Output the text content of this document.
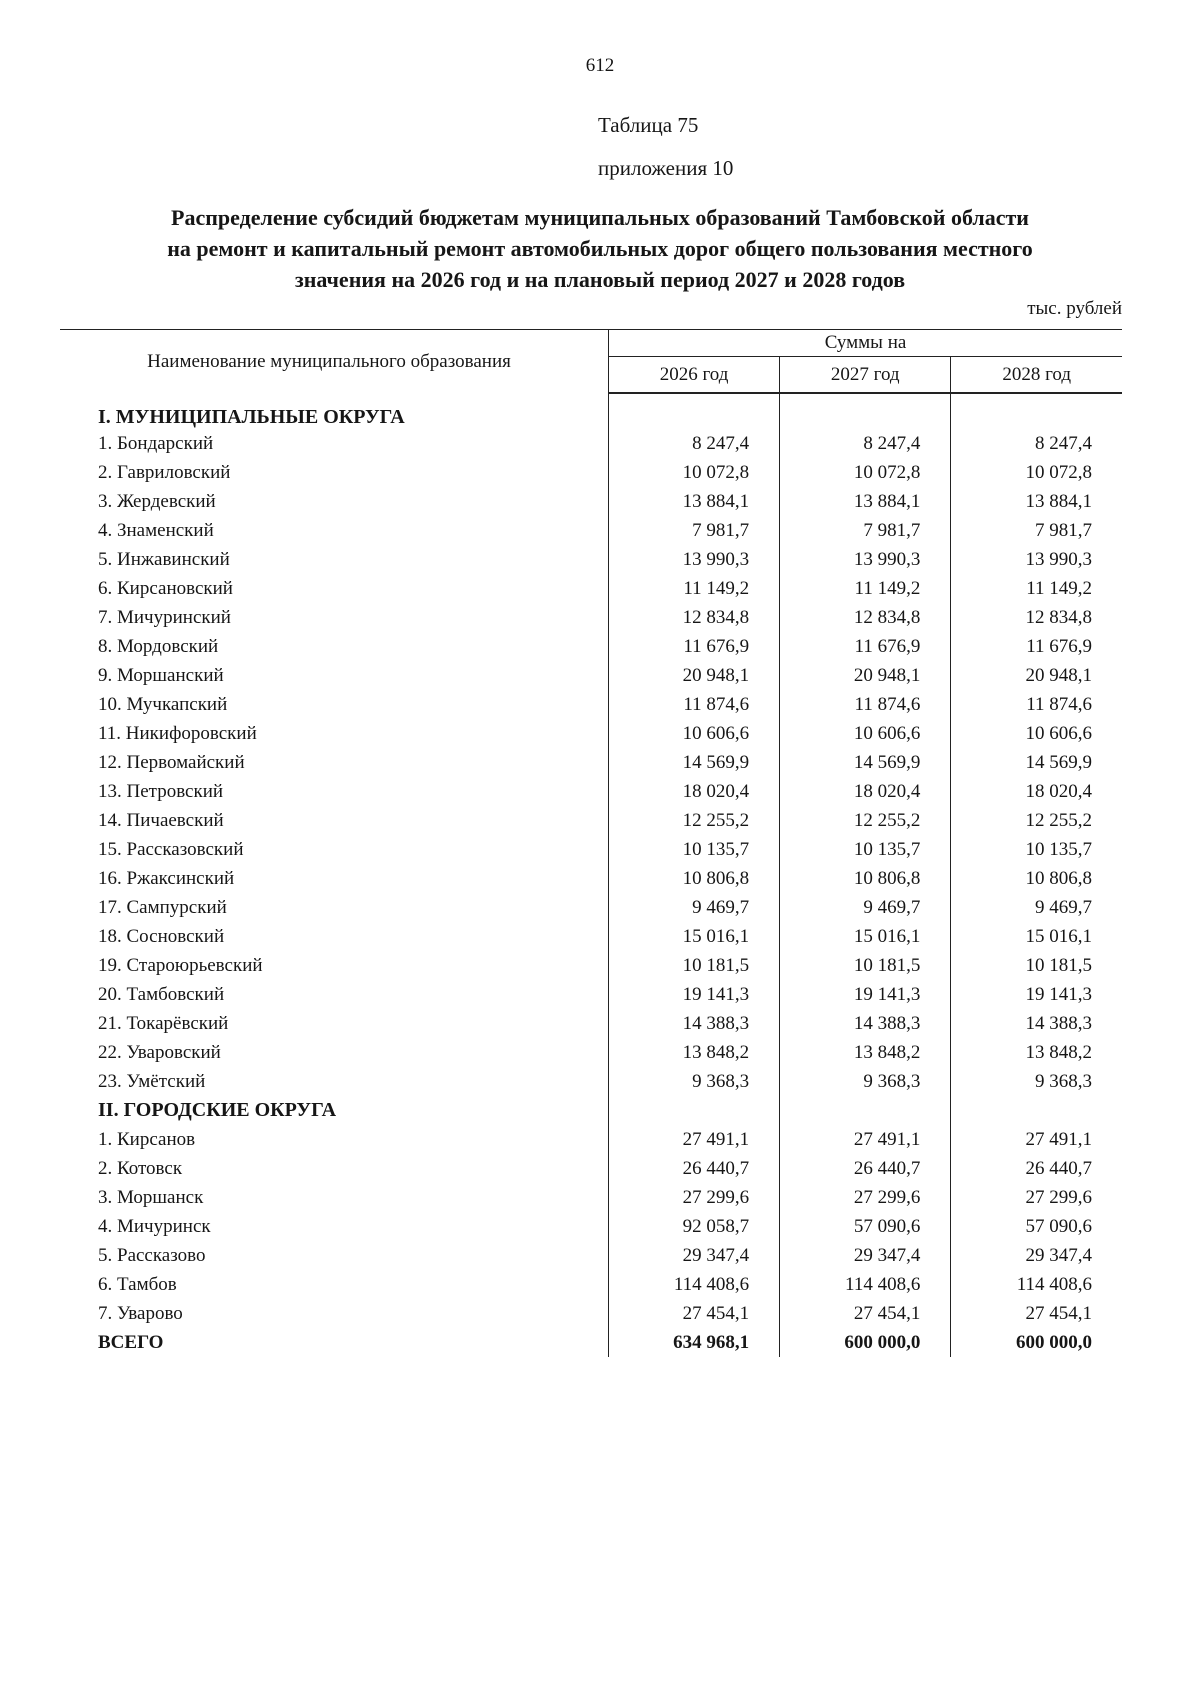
612
Таблица 75
приложения 10
Распределение субсидий бюджетам муниципальных образований Тамбовской области
на ремонт и капитальный ремонт автомобильных дорог общего пользования местного
значения на 2026 год и на плановый период 2027 и 2028 годов
тыс. рублей
Наименование муниципального образования	Суммы на		
	2026 год	2027 год	2028 год
I. МУНИЦИПАЛЬНЫЕ ОКРУГА			
1. Бондарский	8 247,4	8 247,4	8 247,4
2. Гавриловский	10 072,8	10 072,8	10 072,8
3. Жердевский	13 884,1	13 884,1	13 884,1
4. Знаменский	7 981,7	7 981,7	7 981,7
5. Инжавинский	13 990,3	13 990,3	13 990,3
6. Кирсановский	11 149,2	11 149,2	11 149,2
7. Мичуринский	12 834,8	12 834,8	12 834,8
8. Мордовский	11 676,9	11 676,9	11 676,9
9. Моршанский	20 948,1	20 948,1	20 948,1
10. Мучкапский	11 874,6	11 874,6	11 874,6
11. Никифоровский	10 606,6	10 606,6	10 606,6
12. Первомайский	14 569,9	14 569,9	14 569,9
13. Петровский	18 020,4	18 020,4	18 020,4
14. Пичаевский	12 255,2	12 255,2	12 255,2
15. Рассказовский	10 135,7	10 135,7	10 135,7
16. Ржаксинский	10 806,8	10 806,8	10 806,8
17. Сампурский	9 469,7	9 469,7	9 469,7
18. Сосновский	15 016,1	15 016,1	15 016,1
19. Староюрьевский	10 181,5	10 181,5	10 181,5
20. Тамбовский	19 141,3	19 141,3	19 141,3
21. Токарёвский	14 388,3	14 388,3	14 388,3
22. Уваровский	13 848,2	13 848,2	13 848,2
23. Умётский	9 368,3	9 368,3	9 368,3
II. ГОРОДСКИЕ ОКРУГА			
1. Кирсанов	27 491,1	27 491,1	27 491,1
2. Котовск	26 440,7	26 440,7	26 440,7
3. Моршанск	27 299,6	27 299,6	27 299,6
4. Мичуринск	92 058,7	57 090,6	57 090,6
5. Рассказово	29 347,4	29 347,4	29 347,4
6. Тамбов	114 408,6	114 408,6	114 408,6
7. Уварово	27 454,1	27 454,1	27 454,1
ВСЕГО	634 968,1	600 000,0	600 000,0
